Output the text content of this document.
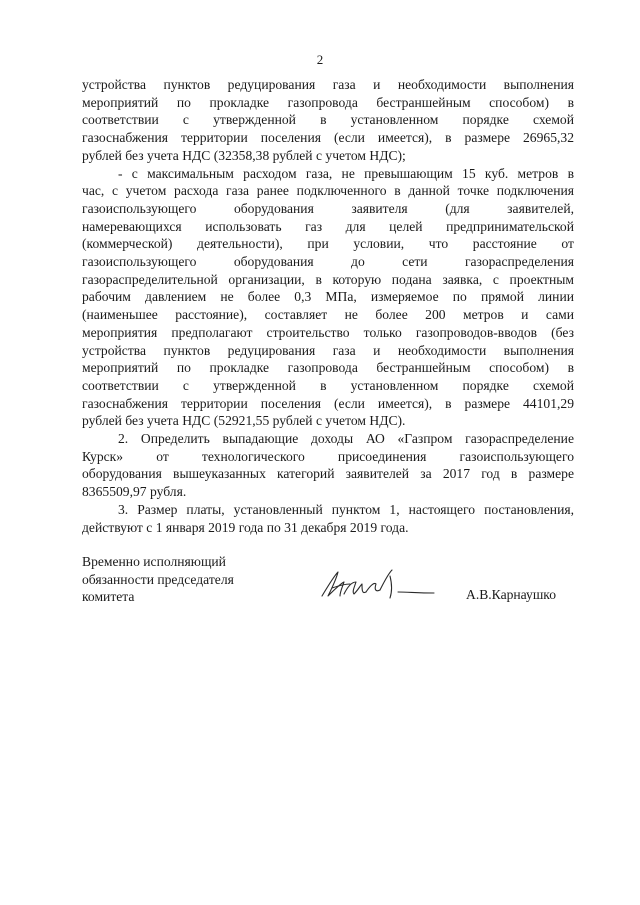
2

устройства пунктов редуцирования газа и необходимости выполнения
мероприятий по прокладке газопровода бестраншейным способом) в
соответствии с утвержденной в установленном порядке схемой
газоснабжения территории поселения (если имеется), в размере 26965,32
рублей без учета НДС (32358,38 рублей с учетом НДС);

- с максимальным расходом газа, не превышающим 15 куб. метров в
час, с учетом расхода газа ранее подключенного в данной точке подключения
газоиспользующего оборудования заявителя (для заявителей,
намеревающихся использовать газ для целей предпринимательской
(коммерческой) деятельности), при условии, что расстояние от
газоиспользующего оборудования до сети газораспределения
газораспределительной организации, в которую подана заявка, с проектным
рабочим давлением не более 0,3 МПа, измеряемое по прямой линии
(наименьшее расстояние), составляет не более 200 метров и сами
мероприятия предполагают строительство только газопроводов-вводов (без
устройства пунктов редуцирования газа и необходимости выполнения
мероприятий по прокладке газопровода бестраншейным способом) в
соответствии с утвержденной в установленном порядке схемой
газоснабжения территории поселения (если имеется), в размере 44101,29
рублей без учета НДС (52921,55 рублей с учетом НДС).

2. Определить выпадающие доходы АО «Газпром газораспределение
Курск» от технологического присоединения газоиспользующего
оборудования вышеуказанных категорий заявителей за 2017 год в размере
8365509,97 рубля.

3. Размер платы, установленный пунктом 1, настоящего постановления,
действуют с 1 января 2019 года по 31 декабря 2019 года.

Временно исполняющий
обязанности председателя
комитета	А.В.Карнаушко
